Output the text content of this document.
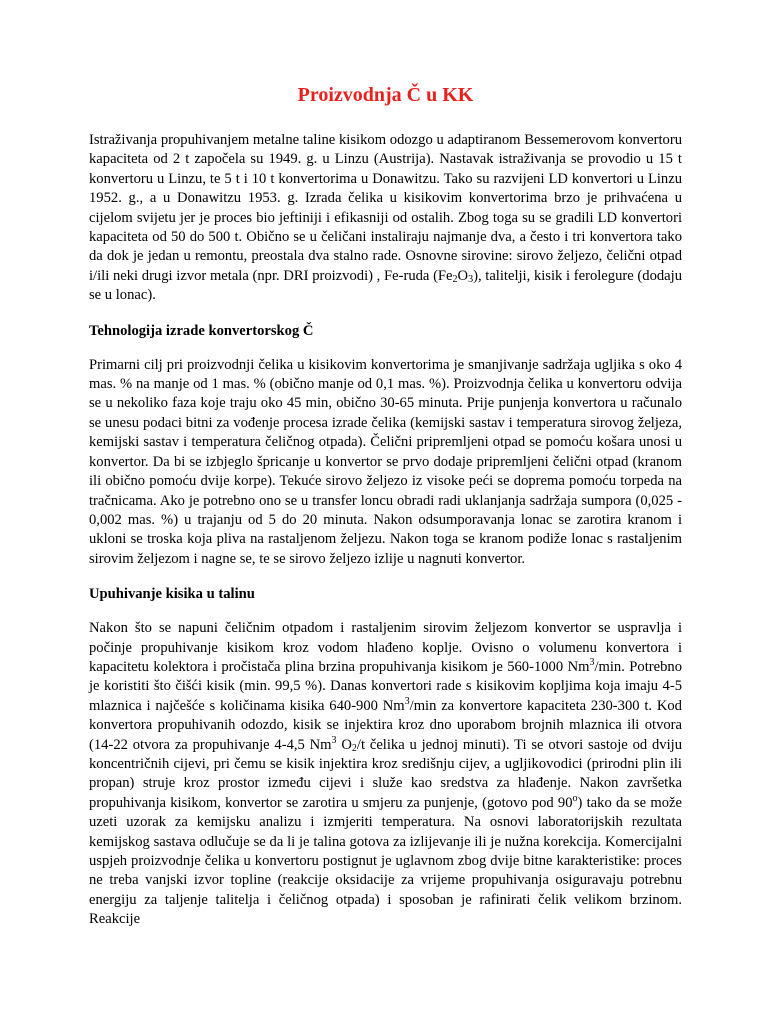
Proizvodnja Č u KK

Istraživanja propuhivanjem metalne taline kisikom odozgo u adaptiranom Bessemerovom konvertoru kapaciteta od 2 t započela su 1949. g. u Linzu (Austrija). Nastavak istraživanja se provodio u 15 t konvertoru u Linzu, te 5 t i 10 t konvertorima u Donawitzu. Tako su razvijeni LD konvertori u Linzu 1952. g., a u Donawitzu 1953. g. Izrada čelika u kisikovim konvertorima brzo je prihvaćena u cijelom svijetu jer je proces bio jeftiniji i efikasniji od ostalih. Zbog toga su se gradili LD konvertori kapaciteta od 50 do 500 t. Obično se u čeličani instaliraju najmanje dva, a često i tri konvertora tako da dok je jedan u remontu, preostala dva stalno rade. Osnovne sirovine: sirovo željezo, čelični otpad i/ili neki drugi izvor metala (npr. DRI proizvodi) , Fe-ruda $(Fe_2O_3)$, talitelji, kisik i ferolegure (dodaju se u lonac).

Tehnologija izrade konvertorskog Č

Primarni cilj pri proizvodnji čelika u kisikovim konvertorima je smanjivanje sadržaja ugljika s oko 4 mas. % na manje od 1 mas. % (obično manje od 0,1 mas. %). Proizvodnja čelika u konvertoru odvija se u nekoliko faza koje traju oko 45 min, obično 30-65 minuta. Prije punjenja konvertora u računalo se unesu podaci bitni za vođenje procesa izrade čelika (kemijski sastav i temperatura sirovog željeza, kemijski sastav i temperatura čeličnog otpada). Čelični pripremljeni otpad se pomoću košara unosi u konvertor. Da bi se izbjeglo špricanje u konvertor se prvo dodaje pripremljeni čelični otpad (kranom ili obično pomoću dvije korpe). Tekuće sirovo željezo iz visoke peći se doprema pomoću torpeda na tračnicama. Ako je potrebno ono se u transfer loncu obradi radi uklanjanja sadržaja sumpora (0,025 - 0,002 mas. %) u trajanju od 5 do 20 minuta. Nakon odsumporavanja lonac se zarotira kranom i ukloni se troska koja pliva na rastaljenom željezu. Nakon toga se kranom podiže lonac s rastaljenim sirovim željezom i nagne se, te se sirovo željezo izlije u nagnuti konvertor.

Upuhivanje kisika u talinu

Nakon što se napuni čeličnim otpadom i rastaljenim sirovim željezom konvertor se uspravlja i počinje propuhivanje kisikom kroz vodom hlađeno koplje. Ovisno o volumenu konvertora i kapacitetu kolektora i pročistača plina brzina propuhivanja kisikom je 560-1000 Nm$^3$/min. Potrebno je koristiti što čišći kisik (min. 99,5 %). Danas konvertori rade s kisikovim kopljima koja imaju 4-5 mlaznica i najčešće s količinama kisika 640-900 Nm$^3$/min za konvertore kapaciteta 230-300 t. Kod konvertora propuhivanih odozdo, kisik se injektira kroz dno uporabom brojnih mlaznica ili otvora (14-22 otvora za propuhivanje 4-4,5 Nm$^3$ $O_2/t$ čelika u jednoj minuti). Ti se otvori sastoje od dviju koncentričnih cijevi, pri čemu se kisik injektira kroz središnju cijev, a ugljikovodici (prirodni plin ili propan) struje kroz prostor između cijevi i služe kao sredstva za hlađenje. Nakon završetka propuhivanja kisikom, konvertor se zarotira u smjeru za punjenje, (gotovo pod 90$^o$) tako da se može uzeti uzorak za kemijsku analizu i izmjeriti temperatura. Na osnovi laboratorijskih rezultata kemijskog sastava odlučuje se da li je talina gotova za izlijevanje ili je nužna korekcija. Komercijalni uspjeh proizvodnje čelika u konvertoru postignut je uglavnom zbog dvije bitne karakteristike: proces ne treba vanjski izvor topline (reakcije oksidacije za vrijeme propuhivanja osiguravaju potrebnu energiju za taljenje talitelja i čeličnog otpada) i sposoban je rafinirati čelik velikom brzinom. Reakcije
